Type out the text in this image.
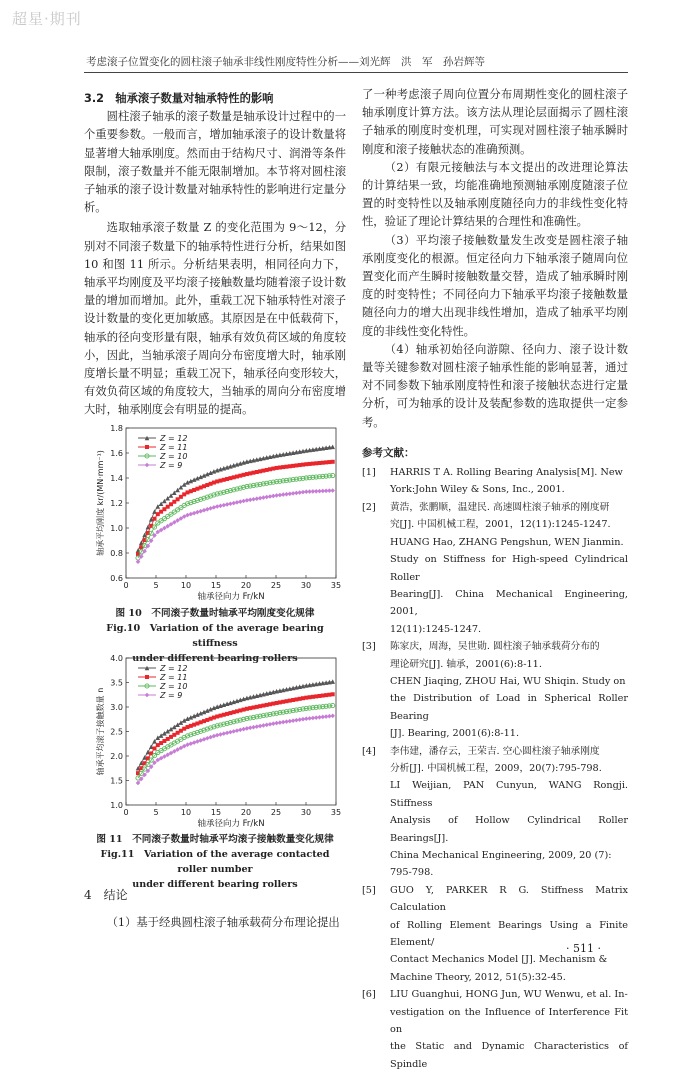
超星·期刊
考虑滚子位置变化的圆柱滚子轴承非线性刚度特性分析——刘光辉　洪　军　孙岩辉等

3.2　轴承滚子数量对轴承特性的影响

圆柱滚子轴承的滚子数量是轴承设计过程中的一个重要参数。一般而言，增加轴承滚子的设计数量将显著增大轴承刚度。然而由于结构尺寸、润滑等条件限制，滚子数量并不能无限制增加。本节将对圆柱滚子轴承的滚子设计数量对轴承特性的影响进行定量分析。

选取轴承滚子数量 Z 的变化范围为 9～12，分别对不同滚子数量下的轴承特性进行分析，结果如图 10 和图 11 所示。分析结果表明，相同径向力下，轴承平均刚度及平均滚子接触数量均随着滚子设计数量的增加而增加。此外，重载工况下轴承特性对滚子设计数量的变化更加敏感。其原因是在中低载荷下，轴承的径向变形量有限，轴承有效负荷区域的角度较小，因此，当轴承滚子周向分布密度增大时，轴承刚度增长量不明显；重载工况下，轴承径向变形较大，有效负荷区域的角度较大，当轴承的周向分布密度增大时，轴承刚度会有明显的提高。

0	5	10 15 20 25 30 35
0.6
0.8
1.0
1.2
1.4
1.6
1.8
轴承径向力 Fr/kN
轴承平均刚度 kr/(MN·mm⁻¹)
Z = 12
Z = 11
Z = 10
Z = 9
图 10　不同滚子数量时轴承平均刚度变化规律
Fig.10　Variation of the average bearing stiffness
under different bearing rollers
0	5	10 15 20 25 30 35
1.0
1.5
2.0
2.5
3.0
3.5
4.0
轴承径向力 Fr/kN
轴承平均滚子接触数量 n
Z = 12
Z = 11
Z = 10
Z = 9
图 11　不同滚子数量时轴承平均滚子接触数量变化规律
Fig.11　Variation of the average contacted roller number
under different bearing rollers

4　结论

（1）基于经典圆柱滚子轴承载荷分布理论提出

了一种考虑滚子周向位置分布周期性变化的圆柱滚子轴承刚度计算方法。该方法从理论层面揭示了圆柱滚子轴承的刚度时变机理，可实现对圆柱滚子轴承瞬时刚度和滚子接触状态的准确预测。

（2）有限元接触法与本文提出的改进理论算法的计算结果一致，均能准确地预测轴承刚度随滚子位置的时变特性以及轴承刚度随径向力的非线性变化特性，验证了理论计算结果的合理性和准确性。

（3）平均滚子接触数量发生改变是圆柱滚子轴承刚度变化的根源。恒定径向力下轴承滚子随周向位置变化而产生瞬时接触数量交替，造成了轴承瞬时刚度的时变特性；不同径向力下轴承平均滚子接触数量随径向力的增大出现非线性增加，造成了轴承平均刚度的非线性变化特性。

（4）轴承初始径向游隙、径向力、滚子设计数量等关键参数对圆柱滚子轴承性能的影响显著，通过对不同参数下轴承刚度特性和滚子接触状态进行定量分析，可为轴承的设计及装配参数的选取提供一定参考。

参考文献：

[1]	HARRIS T A. Rolling Bearing Analysis[M]. New
York:John Wiley & Sons, Inc., 2001.
[2]	黄浩，张鹏顺，温建民. 高速圆柱滚子轴承的刚度研
究[J]. 中国机械工程，2001，12(11):1245-1247.
HUANG Hao, ZHANG Pengshun, WEN Jianmin.
Study on Stiffness for High-speed Cylindrical Roller
Bearing[J]. China Mechanical Engineering, 2001,
12(11):1245-1247.
[3]	陈家庆，周海，吴世勋. 圆柱滚子轴承载荷分布的
理论研究[J]. 轴承，2001(6):8-11.
CHEN Jiaqing, ZHOU Hai, WU Shiqin. Study on
the Distribution of Load in Spherical Roller Bearing
[J]. Bearing, 2001(6):8-11.
[4]	李伟建，潘存云，王荣吉. 空心圆柱滚子轴承刚度
分析[J]. 中国机械工程，2009，20(7):795-798.
LI Weijian, PAN Cunyun, WANG Rongji. Stiffness
Analysis of Hollow Cylindrical Roller Bearings[J].
China Mechanical Engineering, 2009, 20 (7):
795-798.
[5]	GUO Y, PARKER R G. Stiffness Matrix Calculation
of Rolling Element Bearings Using a Finite Element/
Contact Mechanics Model [J]. Mechanism &
Machine Theory, 2012, 51(5):32-45.
[6]	LIU Guanghui, HONG Jun, WU Wenwu, et al. In-
vestigation on the Influence of Interference Fit on
the Static and Dynamic Characteristics of Spindle
· 511 ·
